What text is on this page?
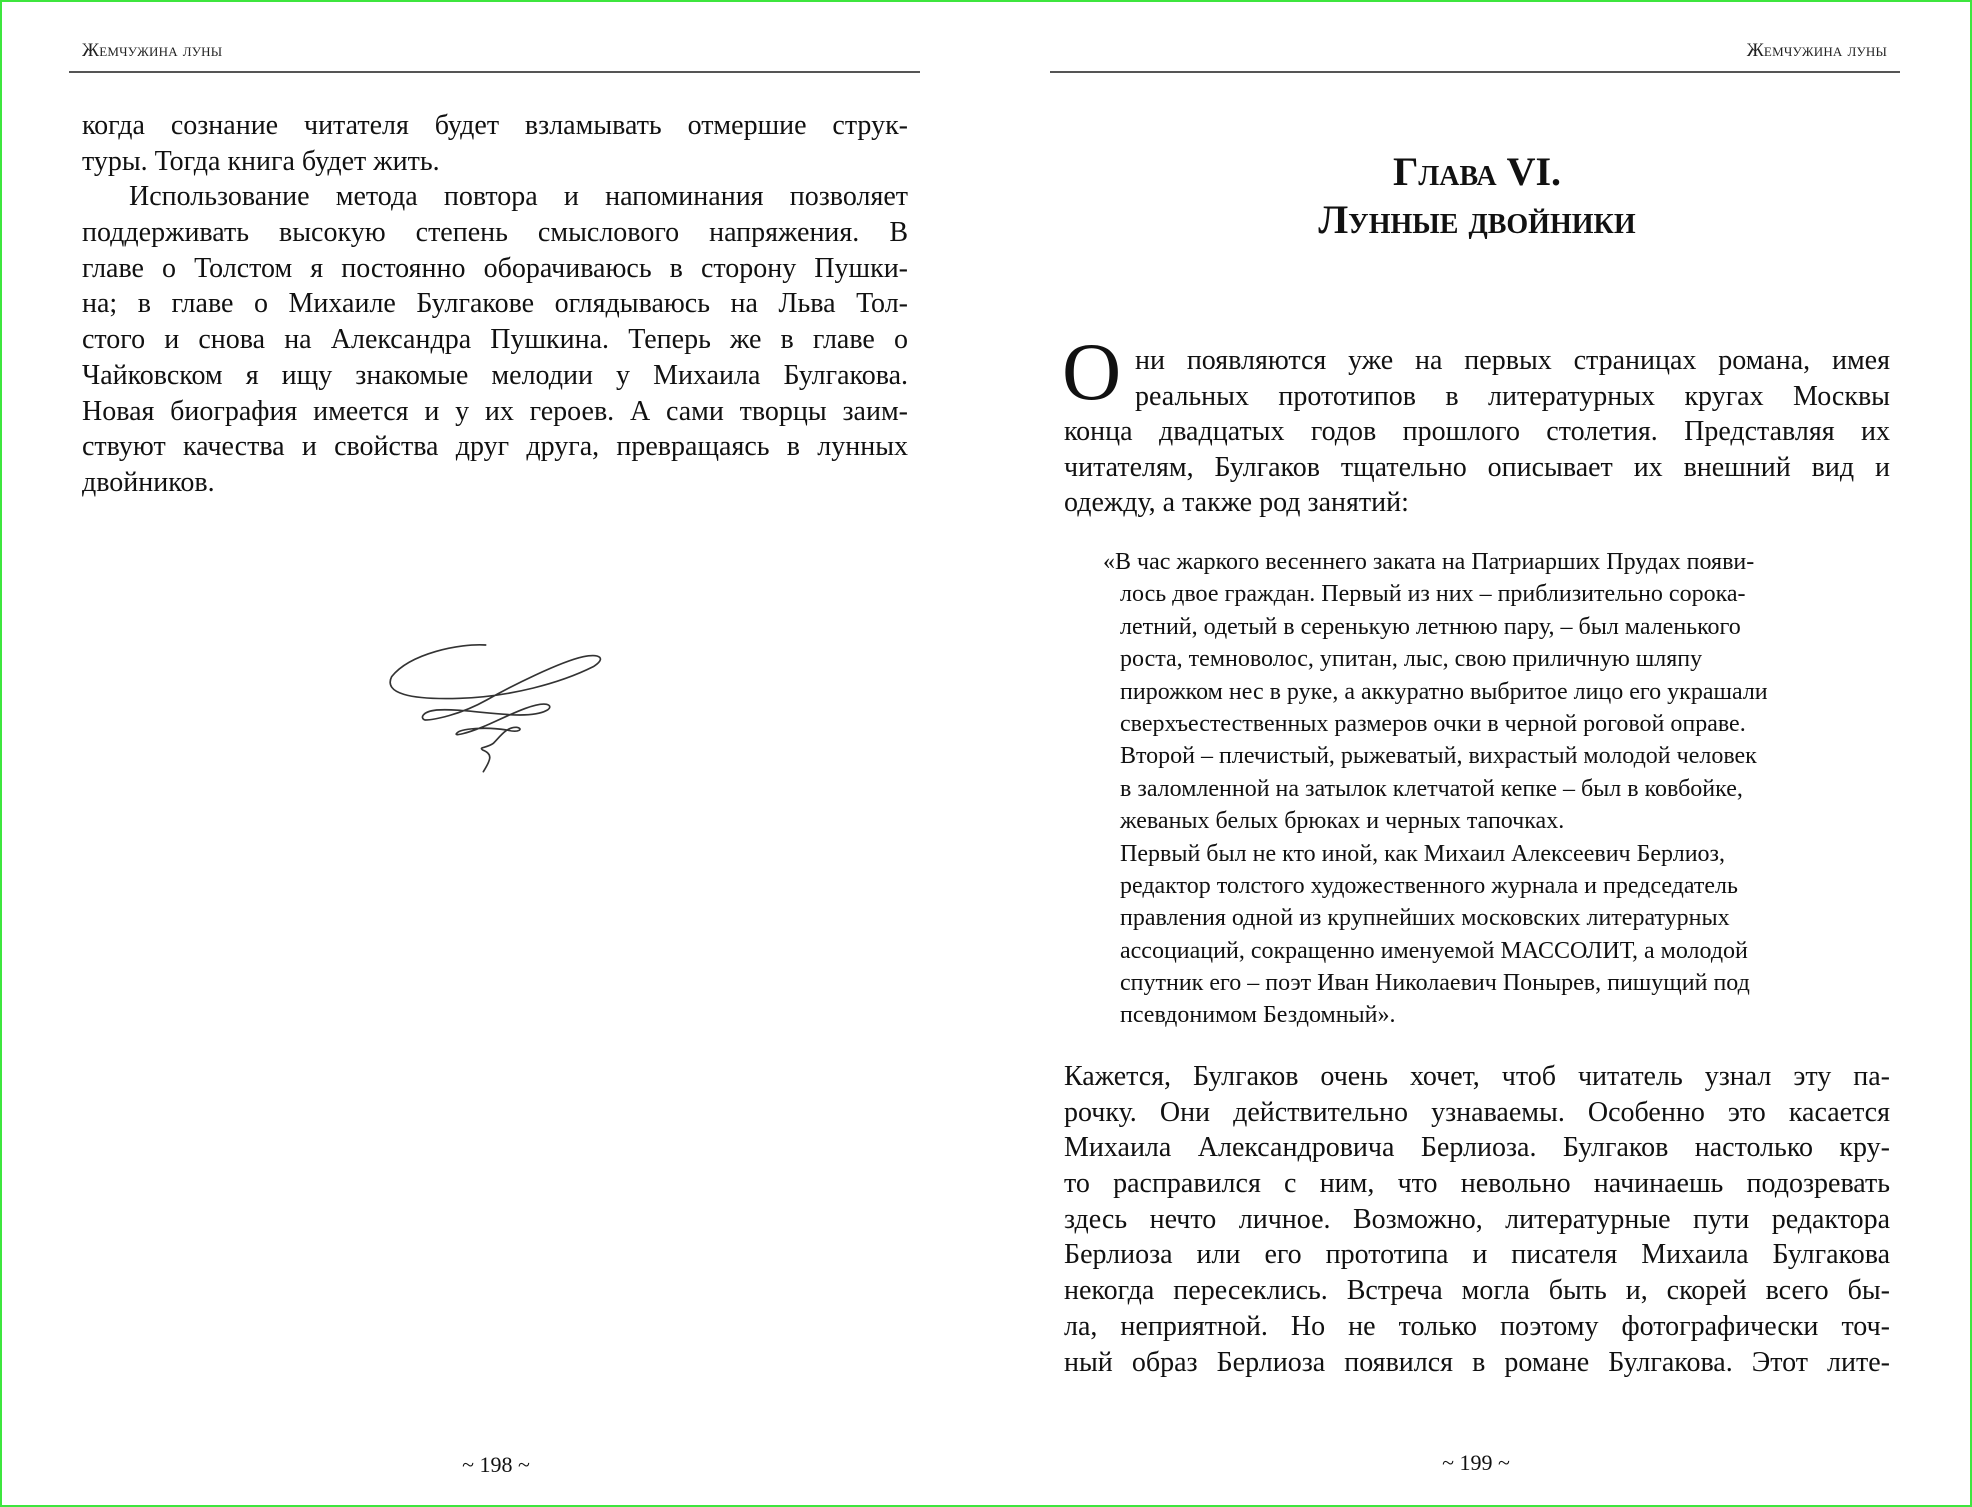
Жемчужина луны
когда сознание читателя будет взламывать отмершие струк-
туры. Тогда книга будет жить.
Использование метода повтора и напоминания позволяет
поддерживать высокую степень смыслового напряжения. В
главе о Толстом я постоянно оборачиваюсь в сторону Пушки-
на; в главе о Михаиле Булгакове оглядываюсь на Льва Тол-
стого и снова на Александра Пушкина. Теперь же в главе о
Чайковском я ищу знакомые мелодии у Михаила Булгакова.
Новая биография имеется и у их героев. А сами творцы заим-
ствуют качества и свойства друг друга, превращаясь в лунных
двойников.
~ 198 ~
Жемчужина луны
Глава VI.
Лунные двойники
О ни появляются уже на первых страницах романа, имея
реальных прототипов в литературных кругах Москвы
конца двадцатых годов прошлого столетия. Представляя их
читателям, Булгаков тщательно описывает их внешний вид и
одежду, а также род занятий:
«В час жаркого весеннего заката на Патриарших Прудах появи-
лось двое граждан. Первый из них – приблизительно сорока-
летний, одетый в серенькую летнюю пару, – был маленького
роста, темноволос, упитан, лыс, свою приличную шляпу
пирожком нес в руке, а аккуратно выбритое лицо его украшали
сверхъестественных размеров очки в черной роговой оправе.
Второй – плечистый, рыжеватый, вихрастый молодой человек
в заломленной на затылок клетчатой кепке – был в ковбойке,
жеваных белых брюках и черных тапочках.
Первый был не кто иной, как Михаил Алексеевич Берлиоз,
редактор толстого художественного журнала и председатель
правления одной из крупнейших московских литературных
ассоциаций, сокращенно именуемой МАССОЛИТ, а молодой
спутник его – поэт Иван Николаевич Понырев, пишущий под
псевдонимом Бездомный».
Кажется, Булгаков очень хочет, чтоб читатель узнал эту па-
рочку. Они действительно узнаваемы. Особенно это касается
Михаила Александровича Берлиоза. Булгаков настолько кру-
то расправился с ним, что невольно начинаешь подозревать
здесь нечто личное. Возможно, литературные пути редактора
Берлиоза или его прототипа и писателя Михаила Булгакова
некогда пересеклись. Встреча могла быть и, скорей всего бы-
ла, неприятной. Но не только поэтому фотографически точ-
ный образ Берлиоза появился в романе Булгакова. Этот лите-
~ 199 ~
